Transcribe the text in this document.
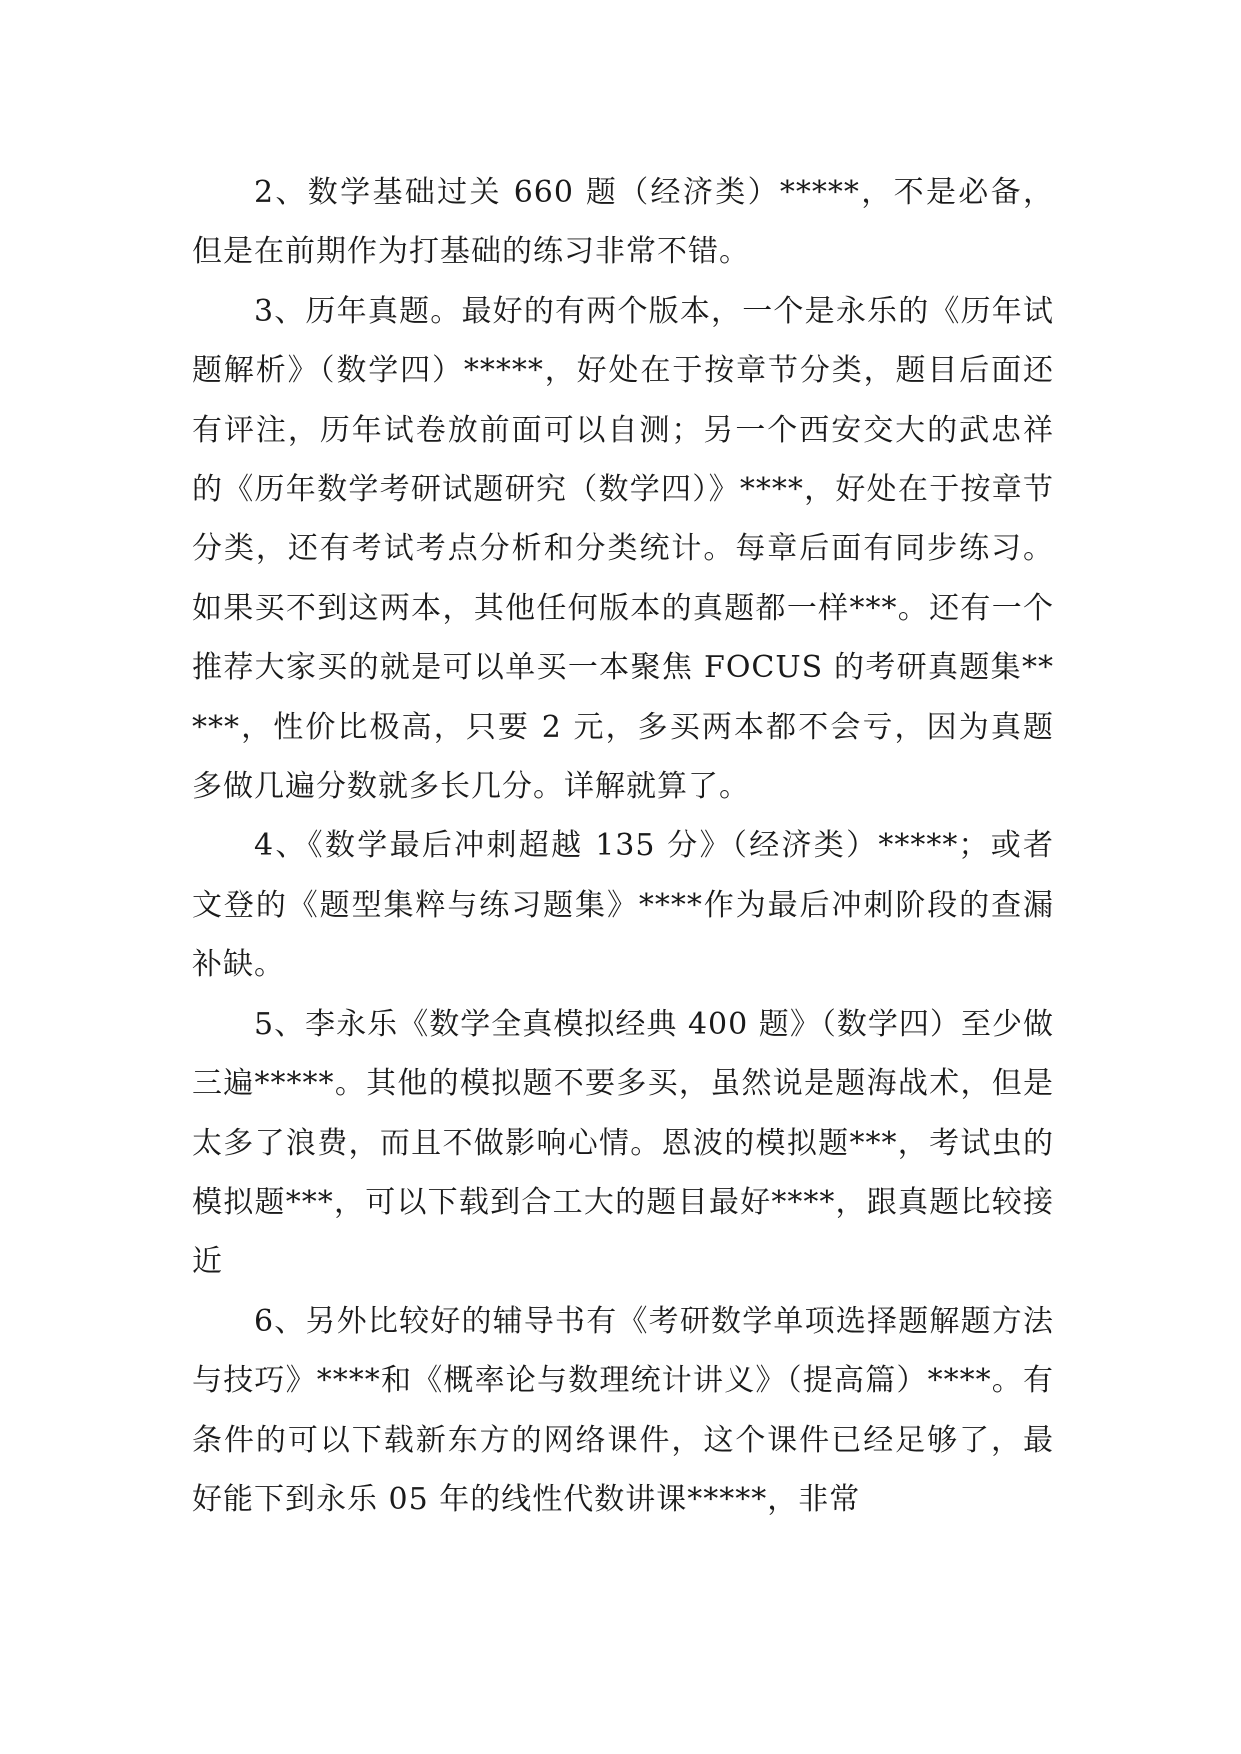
2、数学基础过关 660 题（经济类）*****，不是必备，但是在前期作为打基础的练习非常不错。

3、历年真题。最好的有两个版本，一个是永乐的《历年试题解析》（数学四）*****，好处在于按章节分类，题目后面还有评注，历年试卷放前面可以自测；另一个西安交大的武忠祥的《历年数学考研试题研究（数学四）》****，好处在于按章节分类，还有考试考点分析和分类统计。每章后面有同步练习。如果买不到这两本，其他任何版本的真题都一样***。还有一个推荐大家买的就是可以单买一本聚焦 FOCUS 的考研真题集*****，性价比极高，只要 2 元，多买两本都不会亏，因为真题多做几遍分数就多长几分。详解就算了。

4、《数学最后冲刺超越 135 分》（经济类）*****；或者文登的《题型集粹与练习题集》****作为最后冲刺阶段的查漏补缺。

5、李永乐《数学全真模拟经典 400 题》（数学四）至少做三遍*****。其他的模拟题不要多买，虽然说是题海战术，但是太多了浪费，而且不做影响心情。恩波的模拟题***，考试虫的模拟题***，可以下载到合工大的题目最好****，跟真题比较接近

6、另外比较好的辅导书有《考研数学单项选择题解题方法与技巧》****和《概率论与数理统计讲义》（提高篇）****。有条件的可以下载新东方的网络课件，这个课件已经足够了，最好能下到永乐 05 年的线性代数讲课*****，非常
